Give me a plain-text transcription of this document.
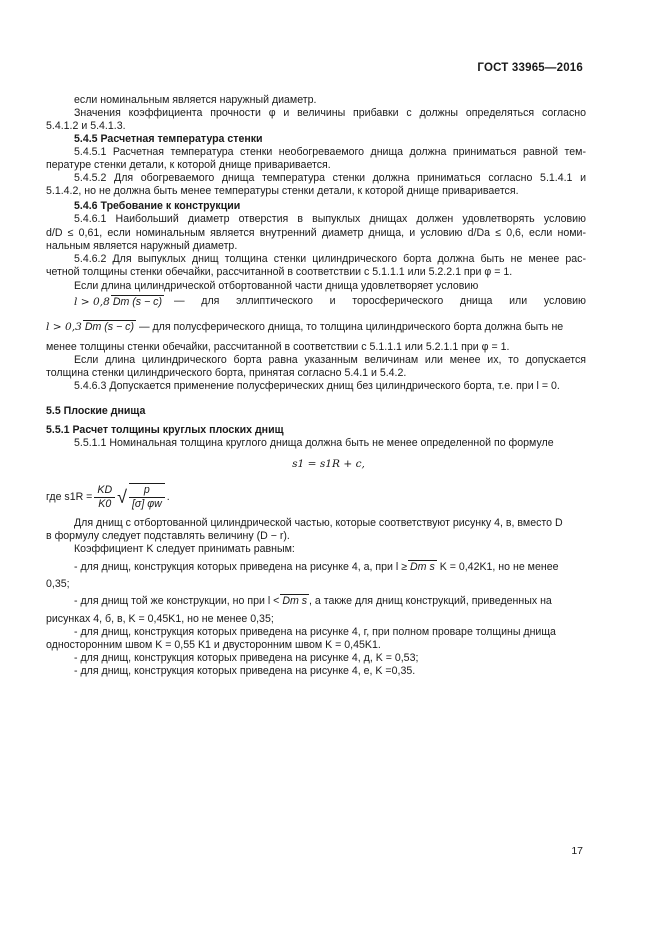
ГОСТ 33965—2016
если номинальным является наружный диаметр.
Значения коэффициента прочности φ и величины прибавки c должны определяться согласно
5.4.1.2 и 5.4.1.3.
5.4.5 Расчетная температура стенки
5.4.5.1 Расчетная температура стенки необогреваемого днища должна приниматься равной тем-
пературе стенки детали, к которой днище приваривается.
5.4.5.2 Для обогреваемого днища температура стенки должна приниматься согласно 5.1.4.1 и
5.1.4.2, но не должна быть менее температуры стенки детали, к которой днище приваривается.
5.4.6 Требование к конструкции
5.4.6.1 Наибольший диаметр отверстия в выпуклых днищах должен удовлетворять условию
d/D ≤ 0,61, если номинальным является внутренний диаметр днища, и условию d/Da ≤ 0,6, если номи-
нальным является наружный диаметр.
5.4.6.2 Для выпуклых днищ толщина стенки цилиндрического борта должна быть не менее рас-
четной толщины стенки обечайки, рассчитанной в соответствии с 5.1.1.1 или 5.2.2.1 при φ = 1.
Если длина цилиндрической отбортованной части днища удовлетворяет условию
l > 0,8 Dm (s − c) — для эллиптического и торосферического днища или условию
l > 0,3 Dm (s − c) — для полусферического днища, то толщина цилиндрического борта должна быть не
менее толщины стенки обечайки, рассчитанной в соответствии с 5.1.1.1 или 5.2.1.1 при φ = 1.
Если длина цилиндрического борта равна указанным величинам или менее их, то допускается
толщина стенки цилиндрического борта, принятая согласно 5.4.1 и 5.4.2.
5.4.6.3 Допускается применение полусферических днищ без цилиндрического борта, т.е. при l = 0.
5.5 Плоские днища
5.5.1 Расчет толщины круглых плоских днищ
5.5.1.1 Номинальная толщина круглого днища должна быть не менее определенной по формуле
s1 = s1R + c,
где $s1R = \frac{KD}{K0}$ √ $\frac{p}{[\sigma] \varphi w}$ .
Для днищ с отбортованной цилиндрической частью, которые соответствуют рисунку 4, в, вместо D
в формулу следует подставлять величину (D − r).
Коэффициент K следует принимать равным:
- для днищ, конструкция которых приведена на рисунке 4, а, при l ≥ Dm s K = 0,42K1, но не менее
0,35;
- для днищ той же конструкции, но при l < Dm s , а также для днищ конструкций, приведенных на
рисунках 4, б, в, K = 0,45K1, но не менее 0,35;
- для днищ, конструкция которых приведена на рисунке 4, г, при полном проваре толщины днища
односторонним швом K = 0,55 K1 и двусторонним швом K = 0,45K1.
- для днищ, конструкция которых приведена на рисунке 4, д, K = 0,53;
- для днищ, конструкция которых приведена на рисунке 4, е, K =0,35.
17
